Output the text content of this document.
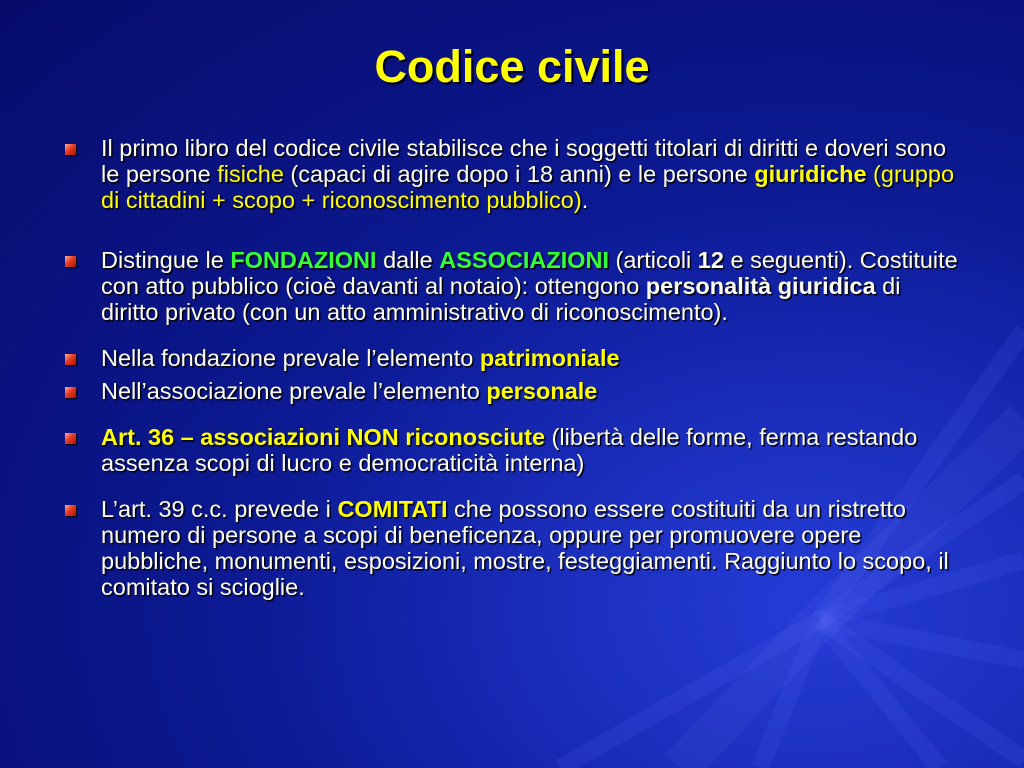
Codice civile
Il primo libro del codice civile stabilisce che i soggetti titolari di diritti e doveri sono le persone fisiche (capaci di agire dopo i 18 anni) e le persone giuridiche (gruppo di cittadini + scopo + riconoscimento pubblico).
Distingue le FONDAZIONI dalle ASSOCIAZIONI (articoli 12 e seguenti). Costituite con atto pubblico (cioè davanti al notaio): ottengono personalità giuridica di diritto privato (con un atto amministrativo di riconoscimento).
Nella fondazione prevale l’elemento patrimoniale
Nell’associazione prevale l’elemento personale
Art. 36 – associazioni NON riconosciute (libertà delle forme, ferma restando assenza scopi di lucro e democraticità interna)
L’art. 39 c.c. prevede i COMITATI che possono essere costituiti da un ristretto numero di persone a scopi di beneficenza, oppure per promuovere opere pubbliche, monumenti, esposizioni, mostre, festeggiamenti. Raggiunto lo scopo, il comitato si scioglie.
